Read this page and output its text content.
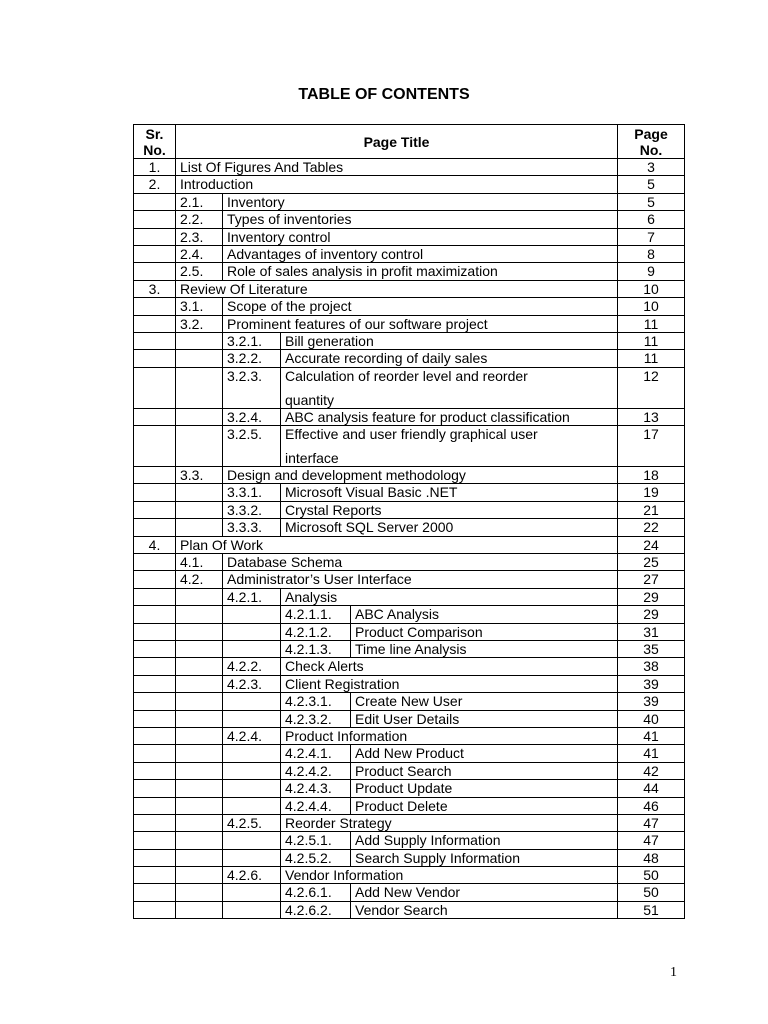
TABLE OF CONTENTS
Sr. No.	Page Title				Page No.
1.	List Of Figures And Tables				3
2.	Introduction				5
	2.1.	Inventory			5
	2.2.	Types of inventories			6
	2.3.	Inventory control			7
	2.4.	Advantages of inventory control			8
	2.5.	Role of sales analysis in profit maximization			9
3.	Review Of Literature				10
	3.1.	Scope of the project			10
	3.2.	Prominent features of our software project			11
		3.2.1.	Bill generation		11
		3.2.2.	Accurate recording of daily sales		11
		3.2.3.	Calculation of reorder level and reorder
quantity		12
		3.2.4.	ABC analysis feature for product classification		13
		3.2.5.	Effective and user friendly graphical user
interface		17
	3.3.	Design and development methodology			18
		3.3.1.	Microsoft Visual Basic .NET		19
		3.3.2.	Crystal Reports		21
		3.3.3.	Microsoft SQL Server 2000		22
4.	Plan Of Work				24
	4.1.	Database Schema			25
	4.2.	Administrator’s User Interface			27
		4.2.1.	Analysis		29
			4.2.1.1.	ABC Analysis	29
			4.2.1.2.	Product Comparison	31
			4.2.1.3.	Time line Analysis	35
		4.2.2.	Check Alerts		38
		4.2.3.	Client Registration		39
			4.2.3.1.	Create New User	39
			4.2.3.2.	Edit User Details	40
		4.2.4.	Product Information		41
			4.2.4.1.	Add New Product	41
			4.2.4.2.	Product Search	42
			4.2.4.3.	Product Update	44
			4.2.4.4.	Product Delete	46
		4.2.5.	Reorder Strategy		47
			4.2.5.1.	Add Supply Information	47
			4.2.5.2.	Search Supply Information	48
		4.2.6.	Vendor Information		50
			4.2.6.1.	Add New Vendor	50
			4.2.6.2.	Vendor Search	51
1
